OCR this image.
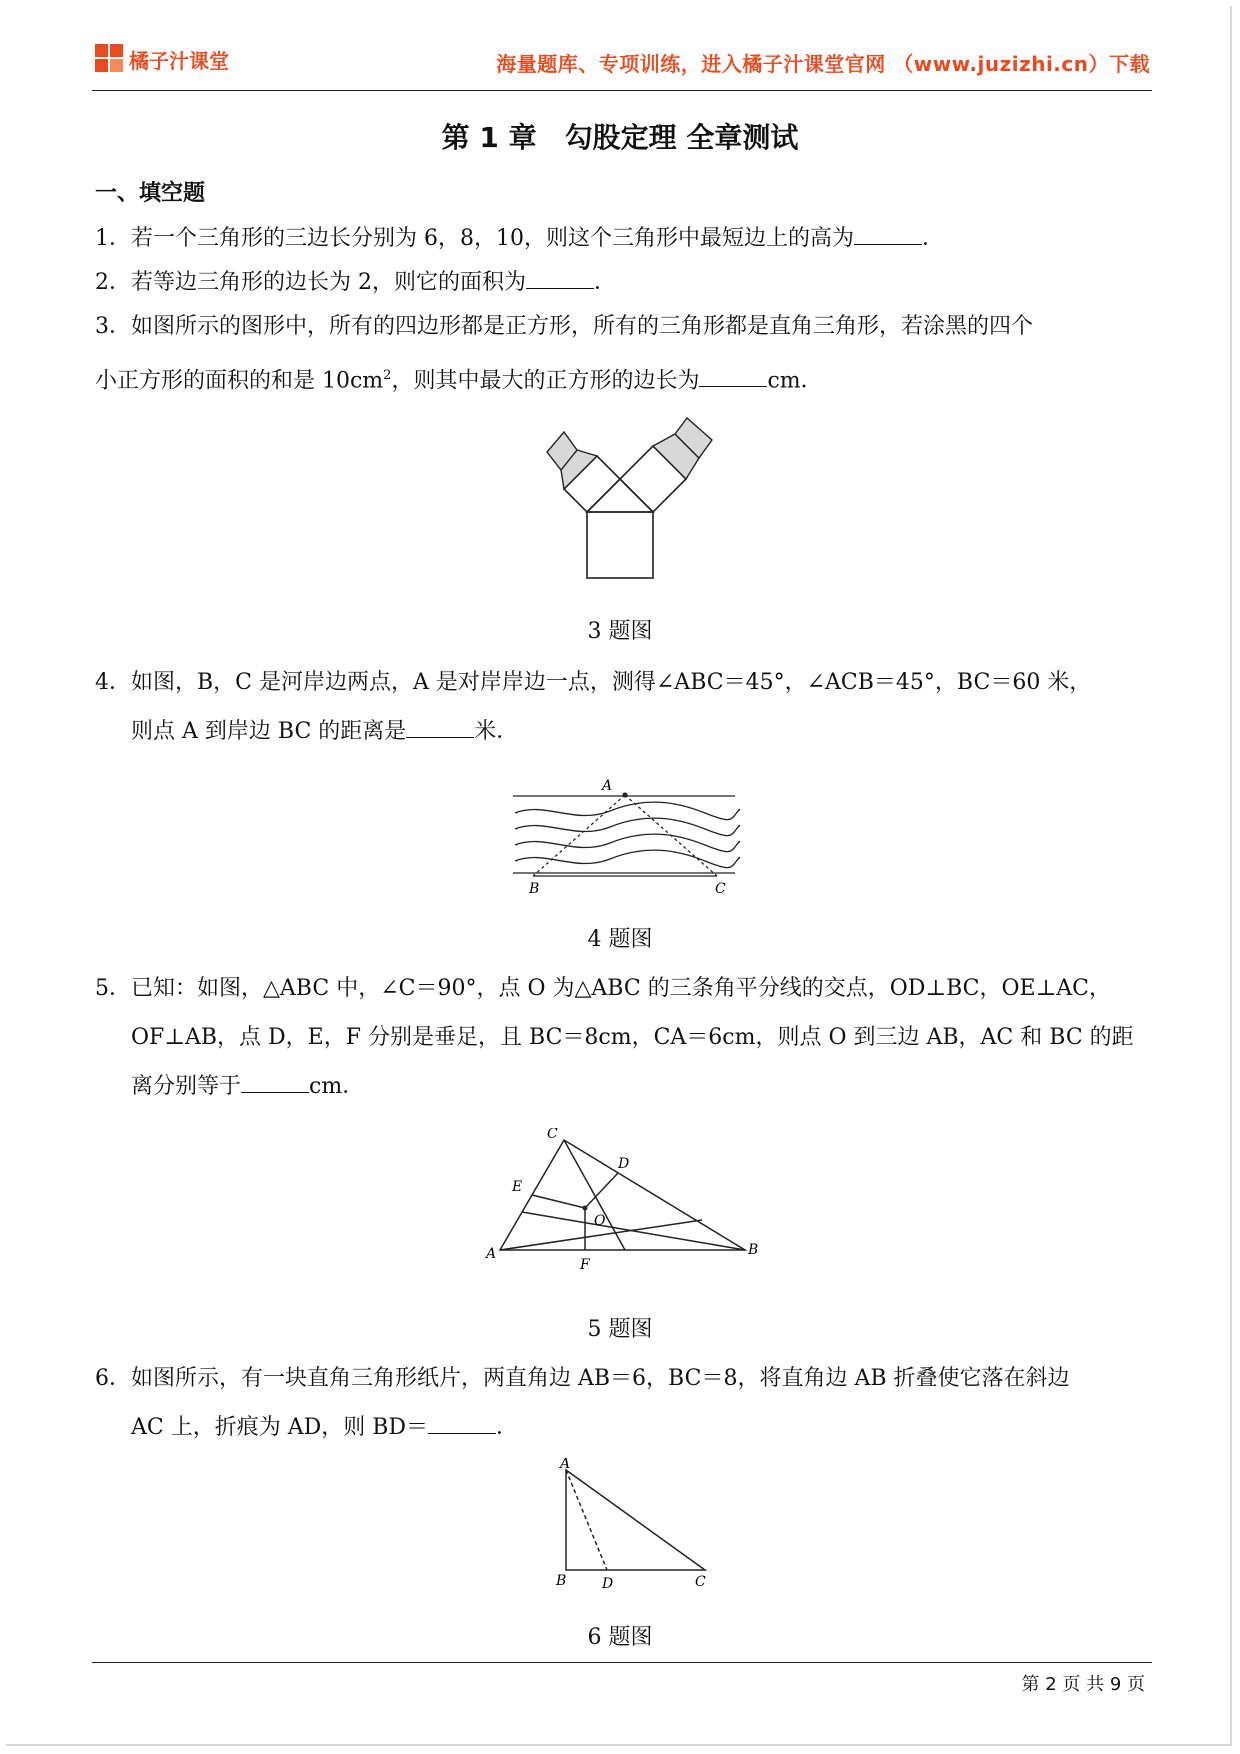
橘子汁课堂	海量题库、专项训练，进入橘子汁课堂官网 （www.juzizhi.cn）下载
第 1 章　勾股定理 全章测试
一、填空题
1．若一个三角形的三边长分别为 6，8，10，则这个三角形中最短边上的高为	．
2．若等边三角形的边长为 2，则它的面积为	．
3．如图所示的图形中，所有的四边形都是正方形，所有的三角形都是直角三角形，若涂黑的四个
小正方形的面积的和是 $10cm^2$，则其中最大的正方形的边长为	cm．
3 题图
4．如图，B，C 是河岸边两点，A 是对岸岸边一点，测得∠ABC＝45°，∠ACB＝45°，BC＝60 米，
则点 A 到岸边 BC 的距离是	米．
A
B	C
4 题图
5．已知：如图，△ABC 中，∠C＝90°，点 O 为△ABC 的三条角平分线的交点，OD⊥BC，OE⊥AC，
OF⊥AB，点 D，E，F 分别是垂足，且 BC＝8cm，CA＝6cm，则点 O 到三边 AB，AC 和 BC 的距
离分别等于	cm．
A	B
C
D
E
F
O
5 题图
6．如图所示，有一块直角三角形纸片，两直角边 AB＝6，BC＝8，将直角边 AB 折叠使它落在斜边
AC 上，折痕为 AD，则 BD＝	．
A
B	D	C
6 题图
第 2 页 共 9 页
